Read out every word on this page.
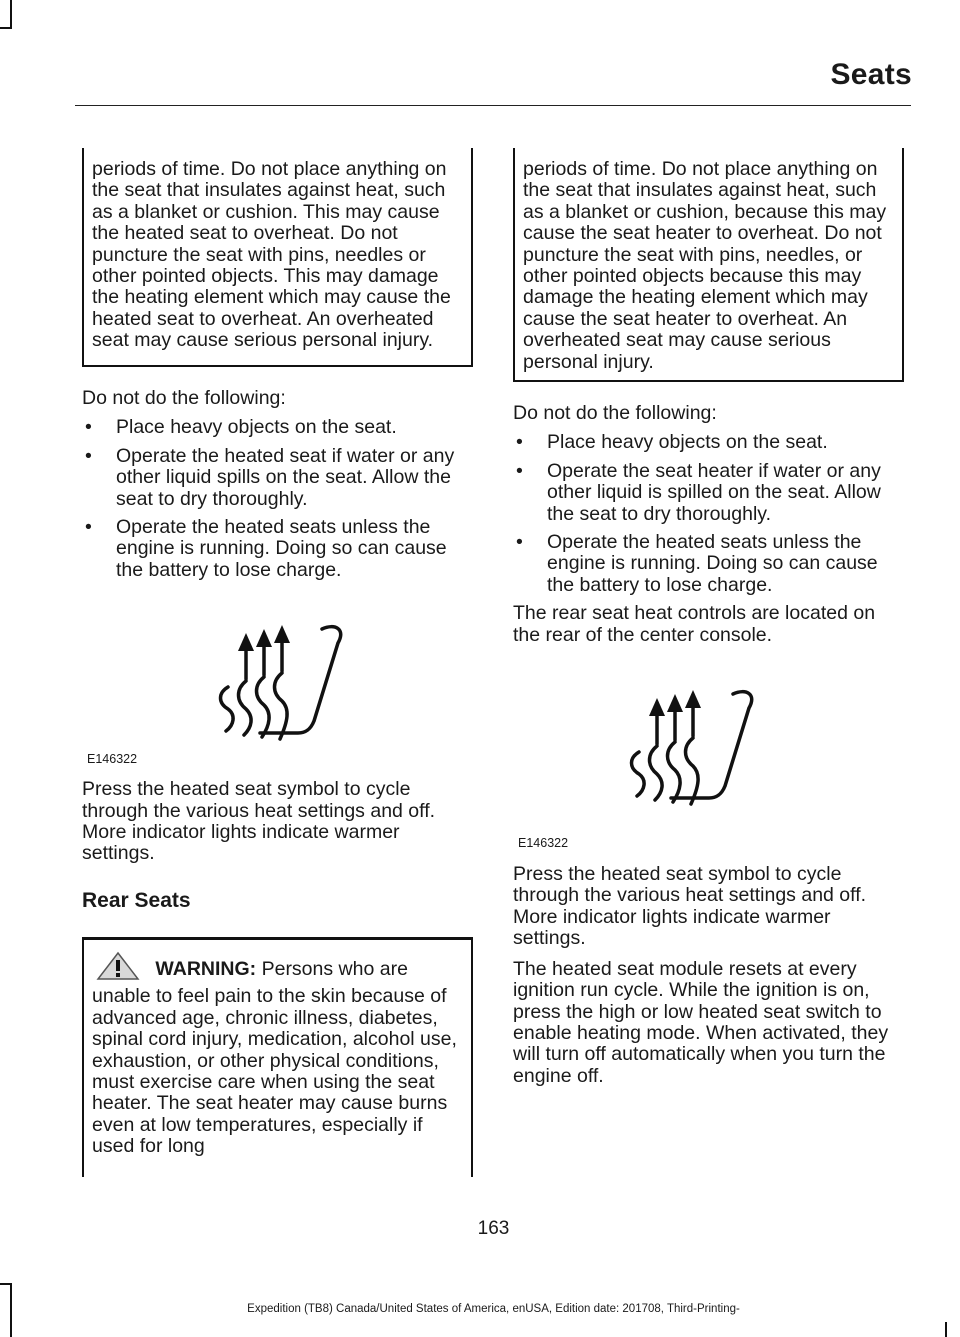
Seats
periods of time. Do not place anything on the seat that insulates against heat, such as a blanket or cushion. This may cause the heated seat to overheat. Do not puncture the seat with pins, needles or other pointed objects. This may damage the heating element which may cause the heated seat to overheat. An overheated seat may cause serious personal injury.

Do not do the following:

• Place heavy objects on the seat.
• Operate the heated seat if water or any other liquid spills on the seat. Allow the seat to dry thoroughly.
• Operate the heated seats unless the engine is running. Doing so can cause the battery to lose charge.
E146322

Press the heated seat symbol to cycle through the various heat settings and off. More indicator lights indicate warmer settings.

Rear Seats
WARNING: Persons who are unable to feel pain to the skin because of advanced age, chronic illness, diabetes, spinal cord injury, medication, alcohol use, exhaustion, or other physical conditions, must exercise care when using the seat heater. The seat heater may cause burns even at low temperatures, especially if used for long
periods of time. Do not place anything on the seat that insulates against heat, such as a blanket or cushion, because this may cause the seat heater to overheat. Do not puncture the seat with pins, needles, or other pointed objects because this may damage the heating element which may cause the seat heater to overheat. An overheated seat may cause serious personal injury.

Do not do the following:

• Place heavy objects on the seat.
• Operate the seat heater if water or any other liquid is spilled on the seat. Allow the seat to dry thoroughly.
• Operate the heated seats unless the engine is running. Doing so can cause the battery to lose charge.

The rear seat heat controls are located on the rear of the center console.

E146322

Press the heated seat symbol to cycle through the various heat settings and off. More indicator lights indicate warmer settings.

The heated seat module resets at every ignition run cycle. While the ignition is on, press the high or low heated seat switch to enable heating mode. When activated, they will turn off automatically when you turn the engine off.

163
Expedition (TB8) Canada/United States of America, enUSA, Edition date: 201708, Third-Printing-
